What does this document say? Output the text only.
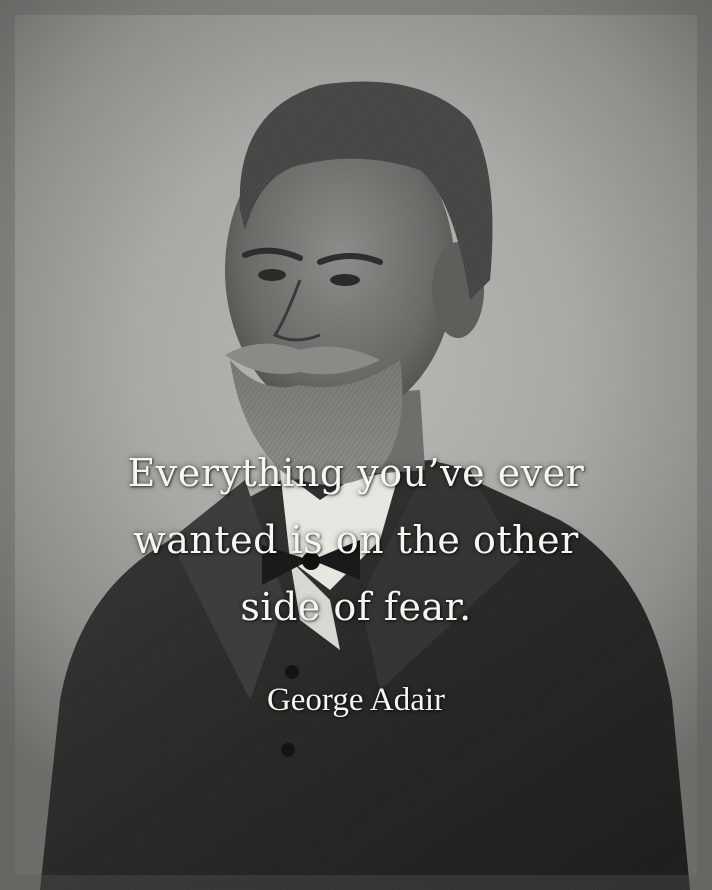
Everything you’ve ever
wanted is on the other
side of fear.
George Adair
